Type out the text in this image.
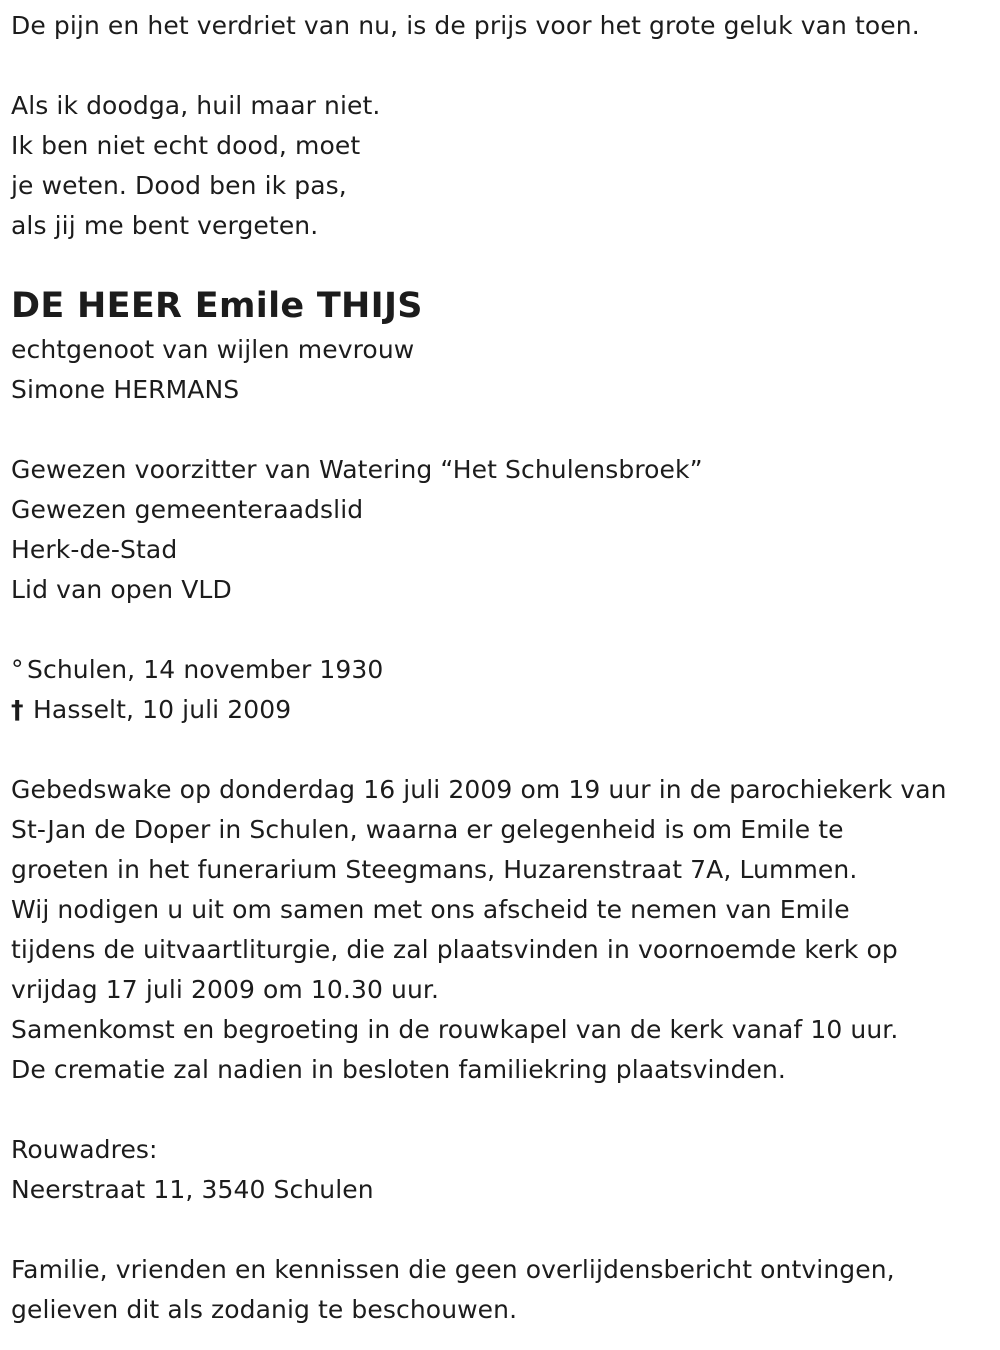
De pijn en het verdriet van nu, is de prijs voor het grote geluk van toen.
Als ik doodga, huil maar niet.
Ik ben niet echt dood, moet
je weten. Dood ben ik pas,
als jij me bent vergeten.
DE HEER Emile THIJS
echtgenoot van wijlen mevrouw
Simone HERMANS
Gewezen voorzitter van Watering “Het Schulensbroek”
Gewezen gemeenteraadslid
Herk-de-Stad
Lid van open VLD
° Schulen, 14 november 1930
† Hasselt, 10 juli 2009
Gebedswake op donderdag 16 juli 2009 om 19 uur in de parochiekerk van
St-Jan de Doper in Schulen, waarna er gelegenheid is om Emile te
groeten in het funerarium Steegmans, Huzarenstraat 7A, Lummen.
Wij nodigen u uit om samen met ons afscheid te nemen van Emile
tijdens de uitvaartliturgie, die zal plaatsvinden in voornoemde kerk op
vrijdag 17 juli 2009 om 10.30 uur.
Samenkomst en begroeting in de rouwkapel van de kerk vanaf 10 uur.
De crematie zal nadien in besloten familiekring plaatsvinden.
Rouwadres:
Neerstraat 11, 3540 Schulen
Familie, vrienden en kennissen die geen overlijdensbericht ontvingen,
gelieven dit als zodanig te beschouwen.
